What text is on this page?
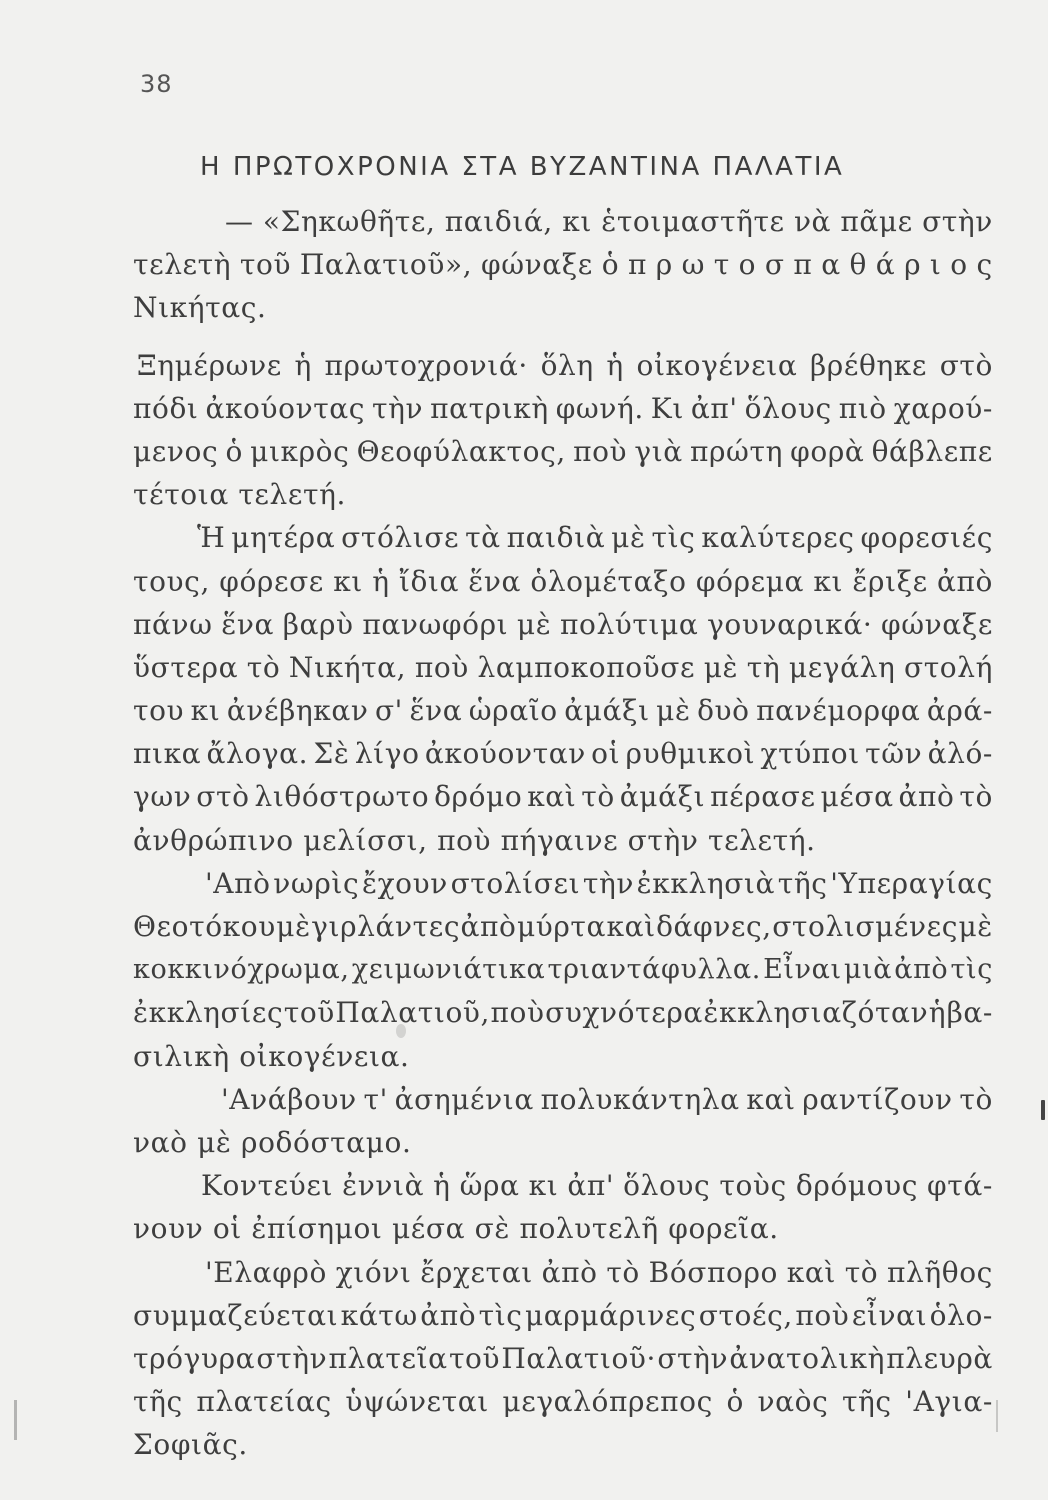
38
Η ΠΡΩΤΟΧΡΟΝΙΑ ΣΤΑ ΒΥΖΑΝΤΙΝΑ ΠΑΛΑΤΙΑ
— «Σηκωθῆτε, παιδιά, κι ἑτοιμαστῆτε νὰ πᾶμε στὴν
τελετὴ τοῦ Παλατιοῦ», φώναξε ὁ π ρ ω τ ο σ π α θ ά ρ ι ο ς
Νικήτας.
Ξημέρωνε ἡ πρωτοχρονιά· ὅλη ἡ οἰκογένεια βρέθηκε στὸ
πόδι ἀκούοντας τὴν πατρικὴ φωνή. Κι ἀπ' ὅλους πιὸ χαρού-
μενος ὁ μικρὸς Θεοφύλακτος, ποὺ γιὰ πρώτη φορὰ θάβλεπε
τέτοια τελετή.
Ἡ μητέρα στόλισε τὰ παιδιὰ μὲ τὶς καλύτερες φορεσιές
τους, φόρεσε κι ἡ ἴδια ἕνα ὁλομέταξο φόρεμα κι ἔριξε ἀπὸ
πάνω ἕνα βαρὺ πανωφόρι μὲ πολύτιμα γουναρικά· φώναξε
ὕστερα τὸ Νικήτα, ποὺ λαμποκοποῦσε μὲ τὴ μεγάλη στολή
του κι ἀνέβηκαν σ' ἕνα ὡραῖο ἀμάξι μὲ δυὸ πανέμορφα ἀρά-
πικα ἄλογα. Σὲ λίγο ἀκούονταν οἱ ρυθμικοὶ χτύποι τῶν ἀλό-
γων στὸ λιθόστρωτο δρόμο καὶ τὸ ἀμάξι πέρασε μέσα ἀπὸ τὸ
ἀνθρώπινο μελίσσι, ποὺ πήγαινε στὴν τελετή.
'Απὸ νωρὶς ἔχουν στολίσει τὴν ἐκκλησιὰ τῆς 'Υπεραγίας
Θεοτόκου μὲ γιρλάντες ἀπὸ μύρτα καὶ δάφνες, στολισμένες μὲ
κοκκινόχρωμα, χειμωνιάτικα τριαντάφυλλα. Εἶναι μιὰ ἀπὸ τὶς
ἐκκλησίες τοῦ Παλατιοῦ, ποὺ συχνότερα ἐκκλησιαζόταν ἡ βα-
σιλικὴ οἰκογένεια.
'Ανάβουν τ' ἀσημένια πολυκάντηλα καὶ ραντίζουν τὸ
ναὸ μὲ ροδόσταμο.
Κοντεύει ἐννιὰ ἡ ὥρα κι ἀπ' ὅλους τοὺς δρόμους φτά-
νουν οἱ ἐπίσημοι μέσα σὲ πολυτελῆ φορεῖα.
'Ελαφρὸ χιόνι ἔρχεται ἀπὸ τὸ Βόσπορο καὶ τὸ πλῆθος
συμμαζεύεται κάτω ἀπὸ τὶς μαρμάρινες στοές, ποὺ εἶναι ὁλο-
τρόγυρα στὴν πλατεῖα τοῦ Παλατιοῦ· στὴν ἀνατολικὴ πλευρὰ
τῆς πλατείας ὑψώνεται μεγαλόπρεπος ὁ ναὸς τῆς 'Αγια-
Σοφιᾶς.
